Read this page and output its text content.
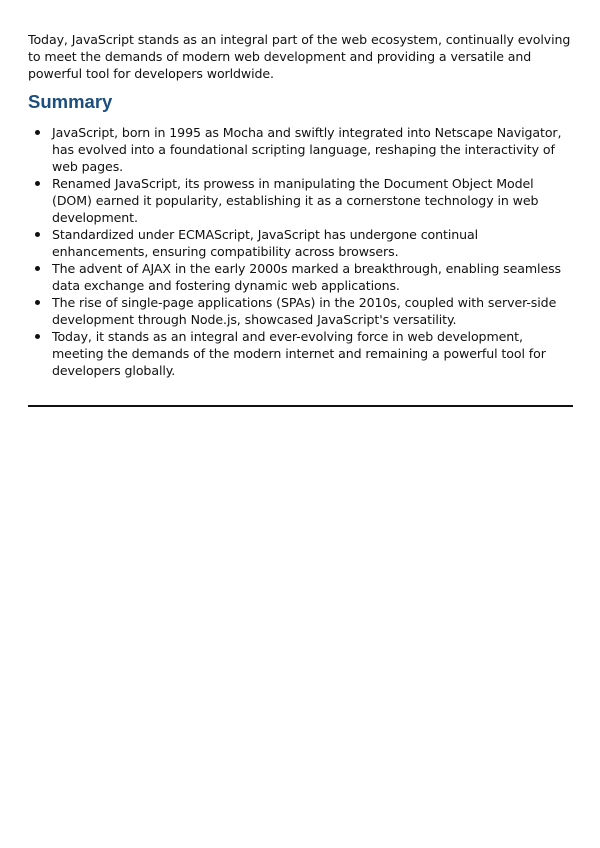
Today, JavaScript stands as an integral part of the web ecosystem, continually evolving to meet the demands of modern web development and providing a versatile and powerful tool for developers worldwide.

Summary
JavaScript, born in 1995 as Mocha and swiftly integrated into Netscape Navigator, has evolved into a foundational scripting language, reshaping the interactivity of web pages.
Renamed JavaScript, its prowess in manipulating the Document Object Model (DOM) earned it popularity, establishing it as a cornerstone technology in web development.
Standardized under ECMAScript, JavaScript has undergone continual enhancements, ensuring compatibility across browsers.
The advent of AJAX in the early 2000s marked a breakthrough, enabling seamless data exchange and fostering dynamic web applications.
The rise of single-page applications (SPAs) in the 2010s, coupled with server-side development through Node.js, showcased JavaScript's versatility.
Today, it stands as an integral and ever-evolving force in web development, meeting the demands of the modern internet and remaining a powerful tool for developers globally.
